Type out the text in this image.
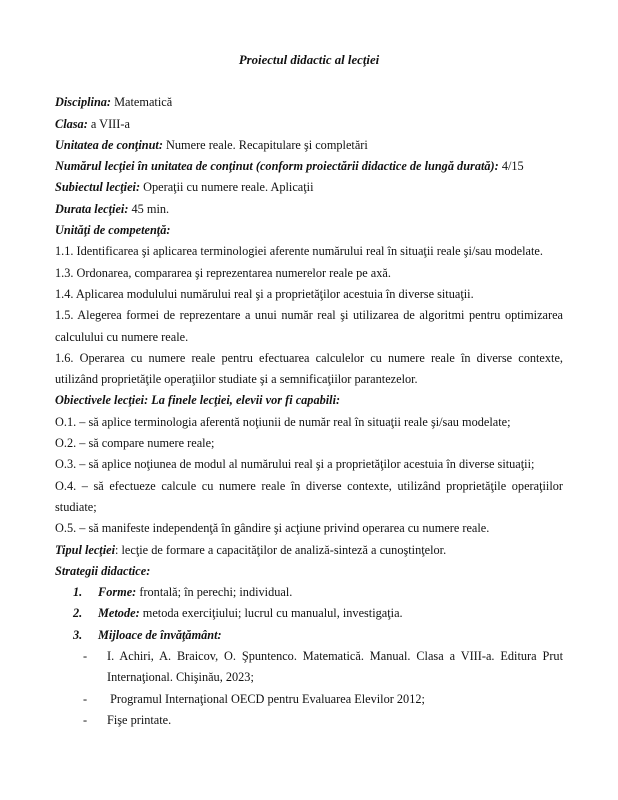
Proiectul didactic al lecţiei

Disciplina: Matematică

Clasa: a VIII-a

Unitatea de conţinut: Numere reale. Recapitulare şi completări

Numărul lecţiei în unitatea de conţinut (conform proiectării didactice de lungă durată): 4/15

Subiectul lecţiei: Operaţii cu numere reale. Aplicaţii

Durata lecţiei: 45 min.

Unităţi de competenţă:

1.1. Identificarea şi aplicarea terminologiei aferente numărului real în situaţii reale şi/sau modelate.

1.3. Ordonarea, compararea şi reprezentarea numerelor reale pe axă.

1.4. Aplicarea modulului numărului real şi a proprietăţilor acestuia în diverse situaţii.

1.5. Alegerea formei de reprezentare a unui număr real şi utilizarea de algoritmi pentru optimizarea calculului cu numere reale.

1.6. Operarea cu numere reale pentru efectuarea calculelor cu numere reale în diverse contexte, utilizând proprietăţile operaţiilor studiate şi a semnificaţiilor parantezelor.

Obiectivele lecţiei: La finele lecţiei, elevii vor fi capabili:

O.1. – să aplice terminologia aferentă noţiunii de număr real în situaţii reale şi/sau modelate;

O.2. – să compare numere reale;

O.3. – să aplice noţiunea de modul al numărului real şi a proprietăţilor acestuia în diverse situaţii;

O.4. – să efectueze calcule cu numere reale în diverse contexte, utilizând proprietăţile operaţiilor studiate;

O.5. – să manifeste independenţă în gândire şi acţiune privind operarea cu numere reale.

Tipul lecţiei: lecţie de formare a capacităţilor de analiză-sinteză a cunoştinţelor.

Strategii didactice:

1.	Forme: frontală; în perechi; individual.

2.	Metode: metoda exerciţiului; lucrul cu manualul, investigaţia.

3.	Mijloace de învăţământ:

-	I. Achiri, A. Braicov, O. Şpuntenco. Matematică. Manual. Clasa a VIII-a. Editura Prut Internaţional. Chişinău, 2023;
-	Programul Internaţional OECD pentru Evaluarea Elevilor 2012;
-	Fişe printate.
